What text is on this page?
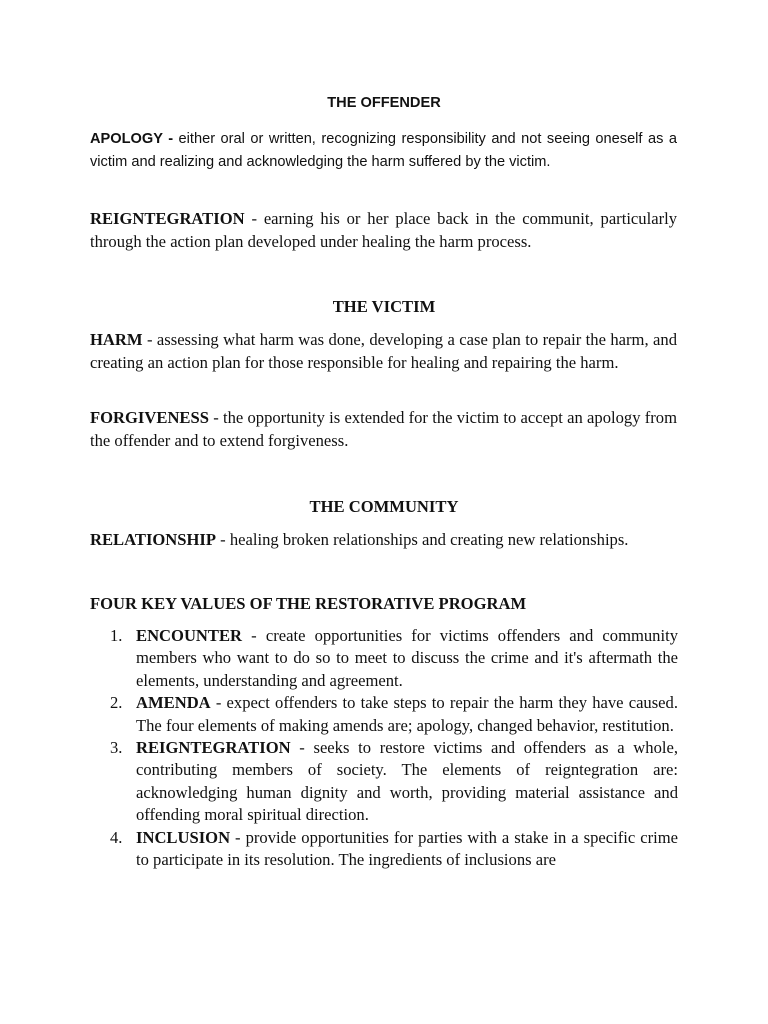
THE OFFENDER

APOLOGY - either oral or written, recognizing responsibility and not seeing oneself as a victim and realizing and acknowledging the harm suffered by the victim.

REIGNTEGRATION - earning his or her place back in the communit, particularly through the action plan developed under healing the harm process.

THE VICTIM

HARM - assessing what harm was done, developing a case plan to repair the harm, and creating an action plan for those responsible for healing and repairing the harm.

FORGIVENESS - the opportunity is extended for the victim to accept an apology from the offender and to extend forgiveness.

THE COMMUNITY

RELATIONSHIP - healing broken relationships and creating new relationships.

FOUR KEY VALUES OF THE RESTORATIVE PROGRAM
1. ENCOUNTER - create opportunities for victims offenders and community members who want to do so to meet to discuss the crime and it's aftermath the elements, understanding and agreement.
2. AMENDA - expect offenders to take steps to repair the harm they have caused. The four elements of making amends are; apology, changed behavior, restitution.
3. REIGNTEGRATION - seeks to restore victims and offenders as a whole, contributing members of society. The elements of reigntegration are: acknowledging human dignity and worth, providing material assistance and offending moral spiritual direction.
4. INCLUSION - provide opportunities for parties with a stake in a specific crime to participate in its resolution. The ingredients of inclusions are
